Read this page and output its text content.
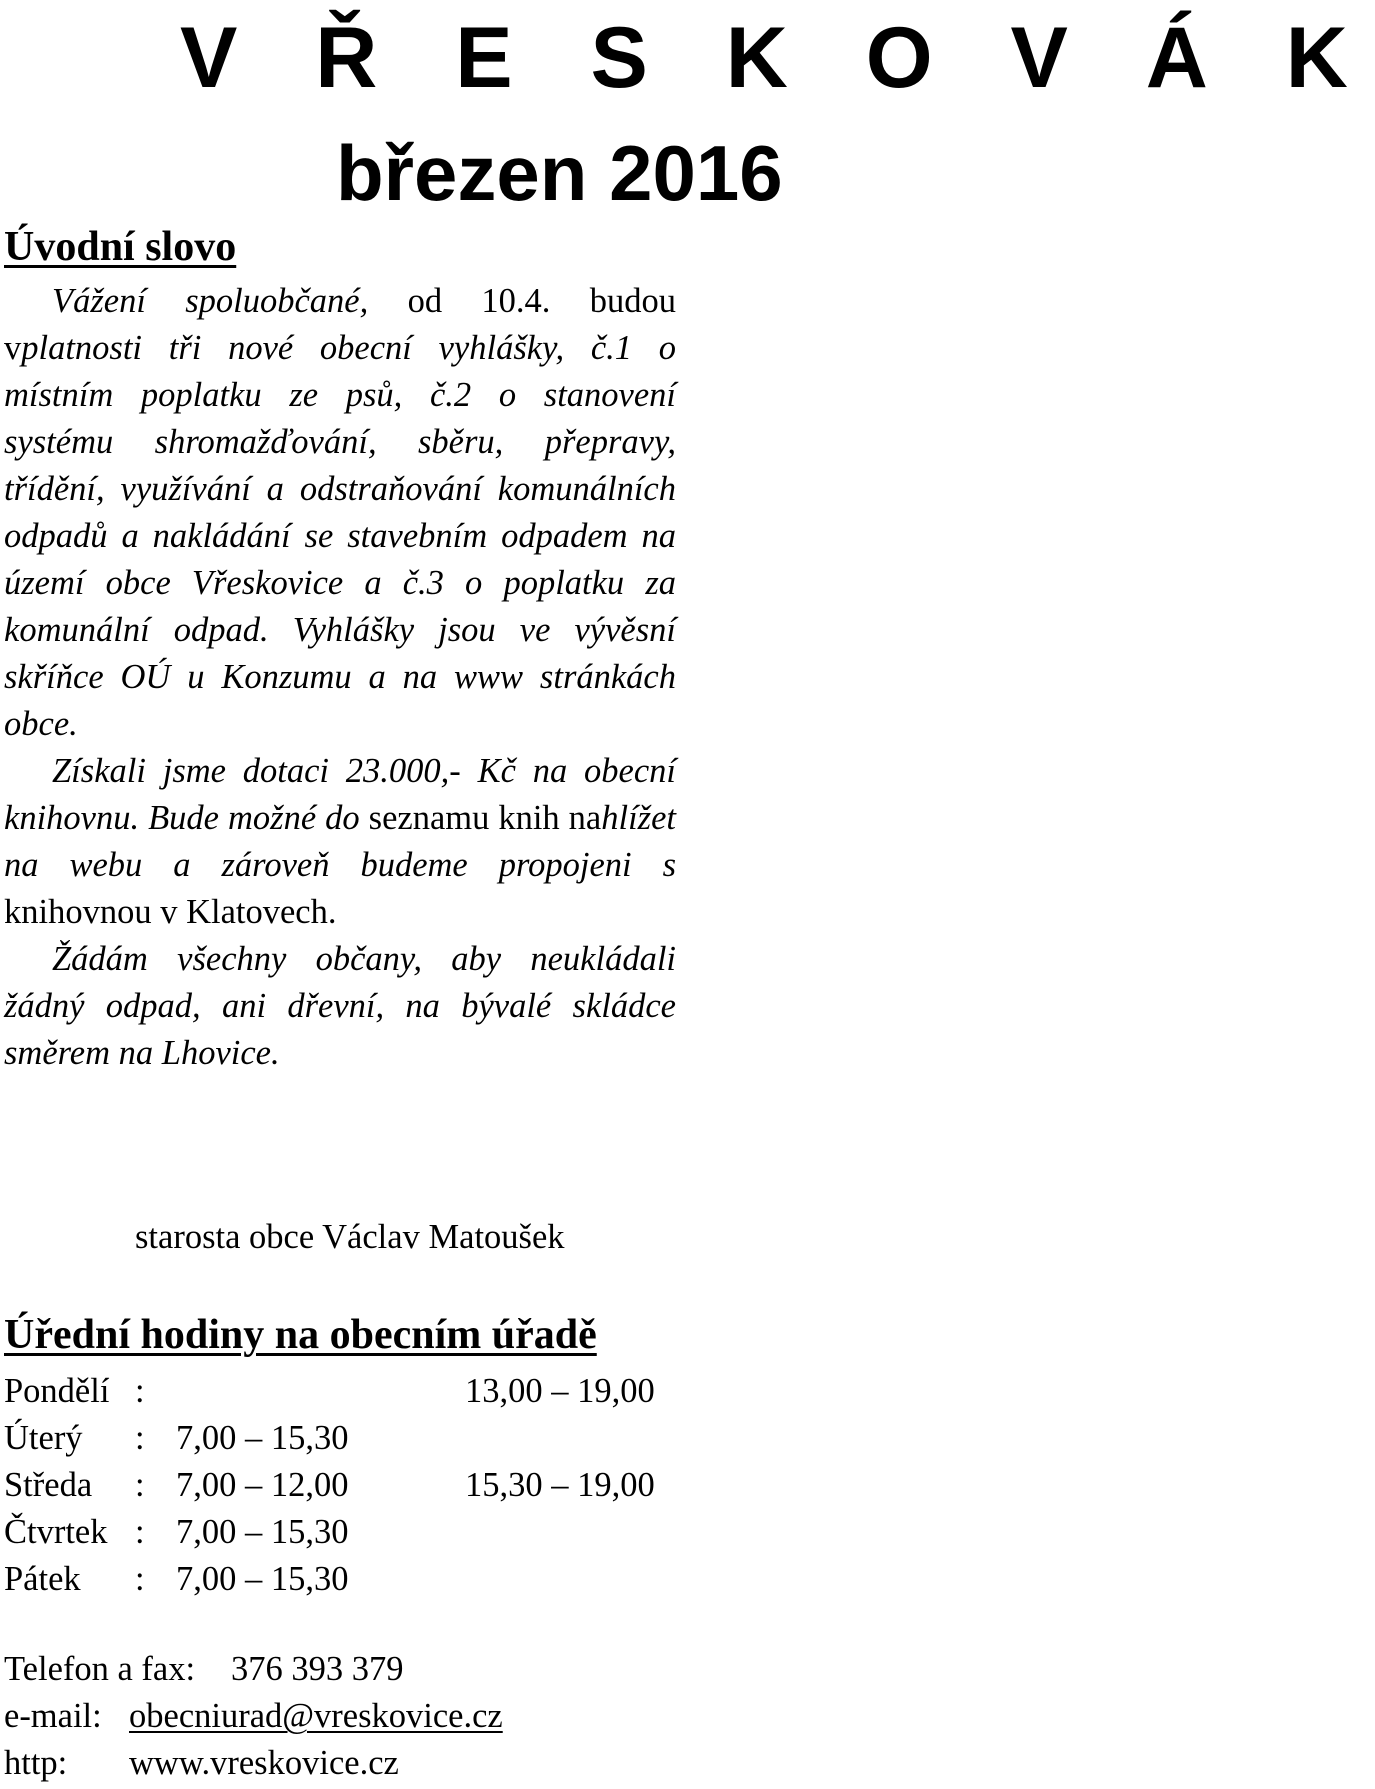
V Ř E S K O V Á K
březen 2016
Úvodní slovo

Vážení spoluobčané, od 10.4. budou vplatnosti tři nové obecní vyhlášky, č.1 o místním poplatku ze psů, č.2 o stanovení systému shromažďování, sběru, přepravy, třídění, využívání a odstraňování komunálních odpadů a nakládání se stavebním odpadem na území obce Vřeskovice a č.3 o poplatku za komunální odpad. Vyhlášky jsou ve vývěsní skříňce OÚ u Konzumu a na www stránkách obce.

Získali jsme dotaci 23.000,- Kč na obecní knihovnu. Bude možné do seznamu knih nahlížet na webu a zároveň budeme propojeni s knihovnou v Klatovech.

Žádám všechny občany, aby neukládali žádný odpad, ani dřevní, na bývalé skládce směrem na Lhovice.

starosta obce Václav Matoušek
Úřední hodiny na obecním úřadě
Pondělí :	13,00 – 19,00
Úterý : 7,00 – 15,30
Středa : 7,00 – 12,00	15,30 – 19,00
Čtvrtek : 7,00 – 15,30
Pátek : 7,00 – 15,30
Telefon a fax: 376 393 379
e-mail: obecniurad@vreskovice.cz
http: www.vreskovice.cz
